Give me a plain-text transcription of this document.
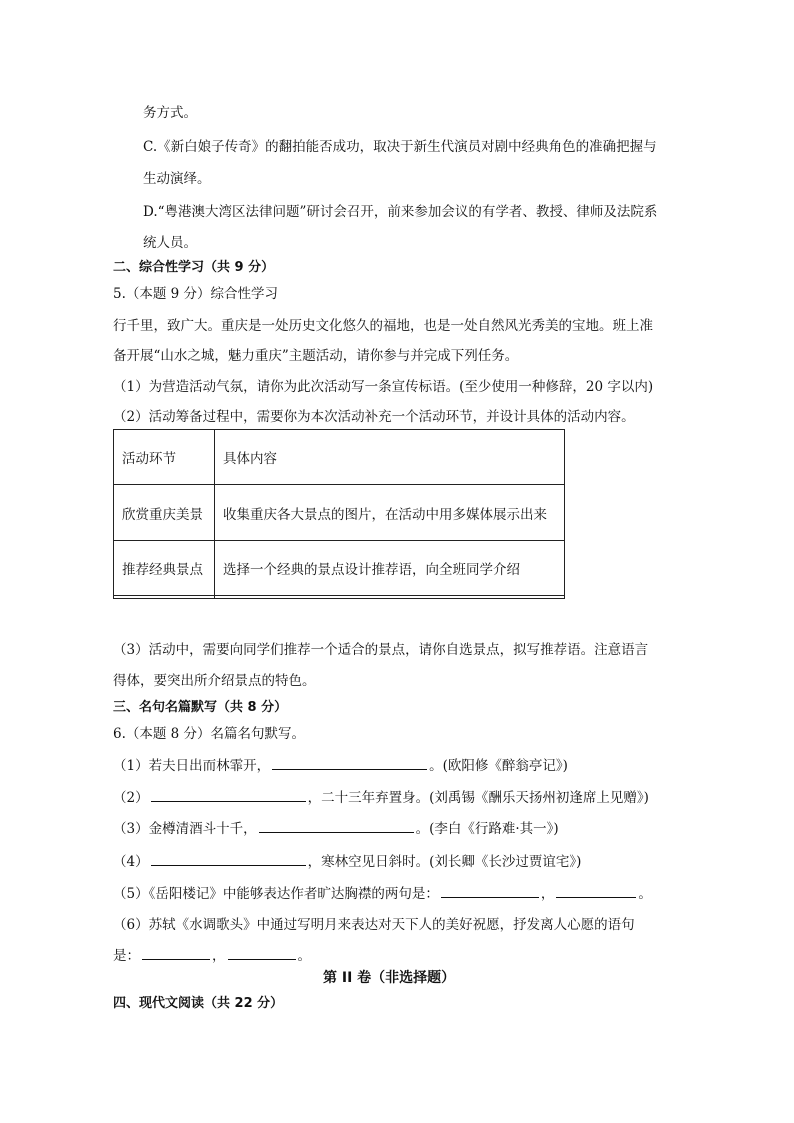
务方式。
C.《新白娘子传奇》的翻拍能否成功，取决于新生代演员对剧中经典角色的准确把握与
生动演绎。
D.“粤港澳大湾区法律问题”研讨会召开，前来参加会议的有学者、教授、律师及法院系
统人员。
二、综合性学习（共 9 分）
5.（本题 9 分）综合性学习
行千里，致广大。重庆是一处历史文化悠久的福地，也是一处自然风光秀美的宝地。班上准
备开展“山水之城，魅力重庆”主题活动，请你参与并完成下列任务。
（1）为营造活动气氛，请你为此次活动写一条宣传标语。(至少使用一种修辞，20 字以内)
（2）活动筹备过程中，需要你为本次活动补充一个活动环节，并设计具体的活动内容。
活动环节	具体内容
欣赏重庆美景	收集重庆各大景点的图片，在活动中用多媒体展示出来
推荐经典景点	选择一个经典的景点设计推荐语，向全班同学介绍

（3）活动中，需要向同学们推荐一个适合的景点，请你自选景点，拟写推荐语。注意语言
得体，要突出所介绍景点的特色。
三、名句名篇默写（共 8 分）
6.（本题 8 分）名篇名句默写。
（1）若夫日出而林霏开，	。(欧阳修《醉翁亭记》)
（2）	，二十三年弃置身。(刘禹锡《酬乐天扬州初逢席上见赠》)
（3）金樽清酒斗十千，	。(李白《行路难·其一》)
（4）	，寒林空见日斜时。(刘长卿《长沙过贾谊宅》)
（5）《岳阳楼记》中能够表达作者旷达胸襟的两句是：	，	。
（6）苏轼《水调歌头》中通过写明月来表达对天下人的美好祝愿，抒发离人心愿的语句
是：	，	。
第 II 卷（非选择题）
四、现代文阅读（共 22 分）
